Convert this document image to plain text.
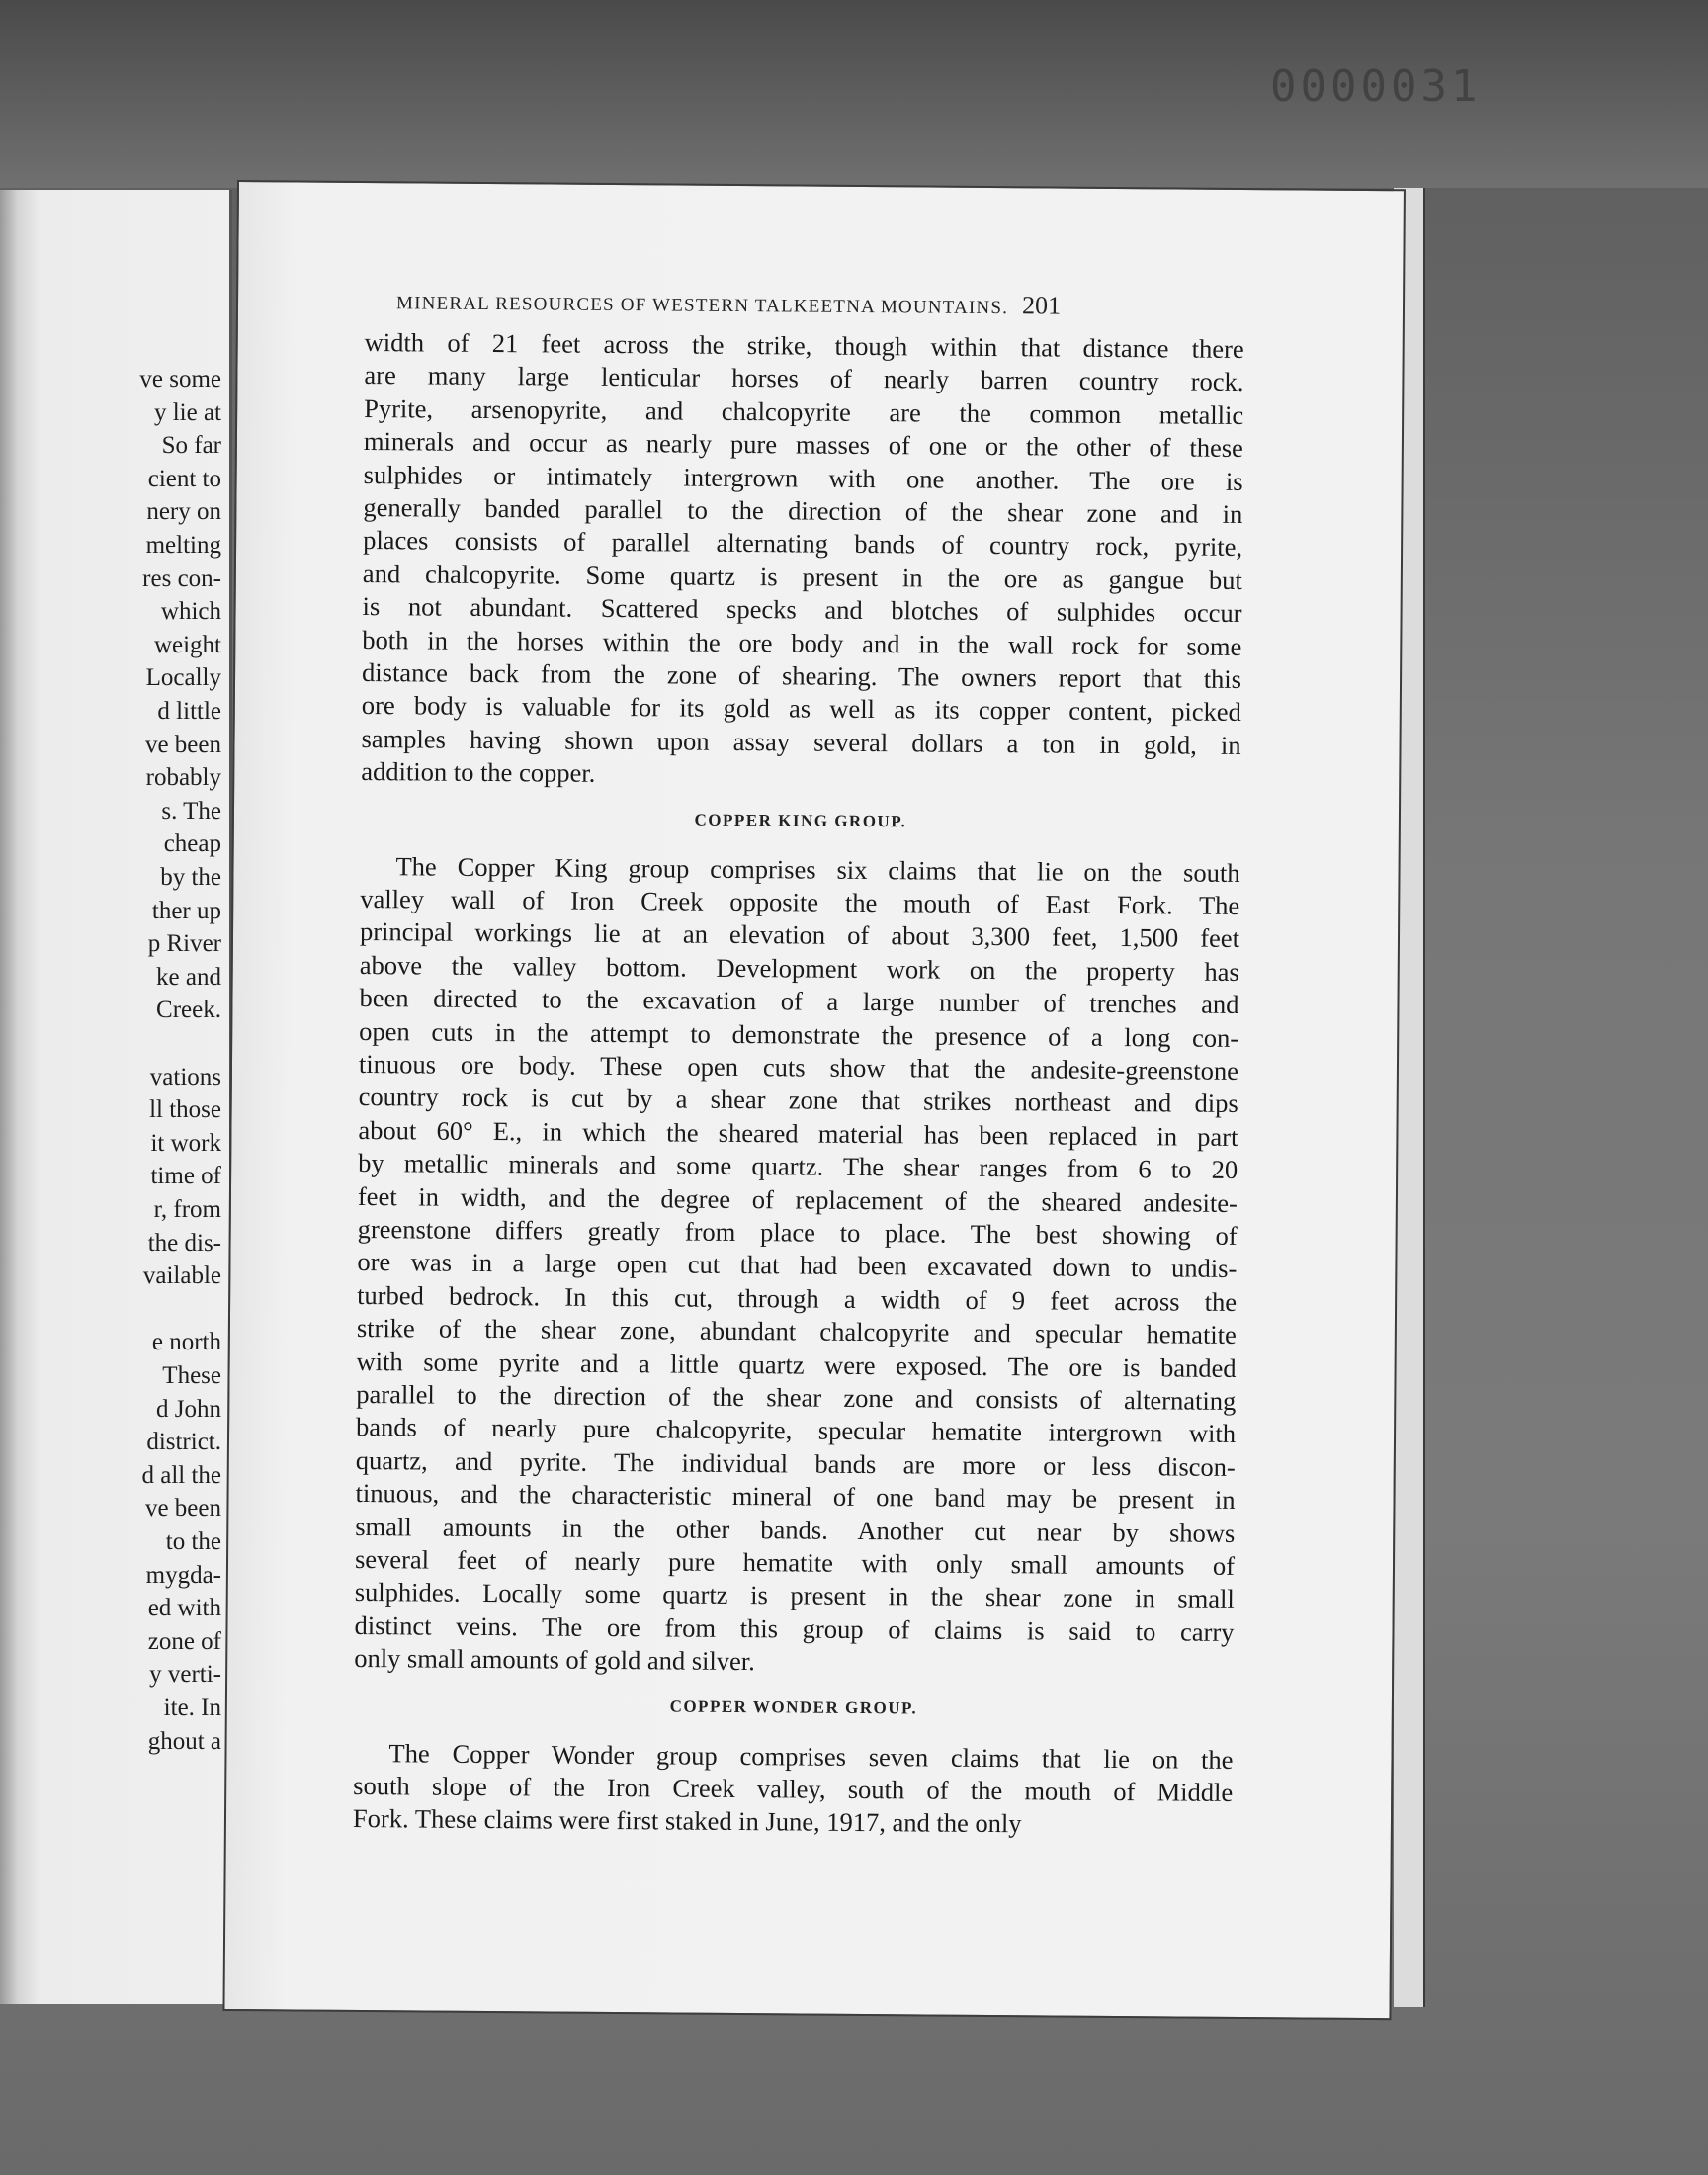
0000031
ve some
y lie at
So far
cient to
nery on
melting
res con-
which
weight
Locally
d little
ve been
robably
s. The
cheap
by the
ther up
p River
ke and
Creek.
vations
ll those
it work
time of
r, from
the dis-
vailable
e north
These
d John
district.
d all the
ve been
to the
mygda-
ed with
zone of
y verti-
ite. In
ghout a
MINERAL RESOURCES OF WESTERN TALKEETNA MOUNTAINS. 201
width of 21 feet across the strike, though within that distance there
are many large lenticular horses of nearly barren country rock.
Pyrite, arsenopyrite, and chalcopyrite are the common metallic
minerals and occur as nearly pure masses of one or the other of these
sulphides or intimately intergrown with one another. The ore is
generally banded parallel to the direction of the shear zone and in
places consists of parallel alternating bands of country rock, pyrite,
and chalcopyrite. Some quartz is present in the ore as gangue but
is not abundant. Scattered specks and blotches of sulphides occur
both in the horses within the ore body and in the wall rock for some
distance back from the zone of shearing. The owners report that this
ore body is valuable for its gold as well as its copper content, picked
samples having shown upon assay several dollars a ton in gold, in
addition to the copper.
COPPER KING GROUP.
The Copper King group comprises six claims that lie on the south
valley wall of Iron Creek opposite the mouth of East Fork. The
principal workings lie at an elevation of about 3,300 feet, 1,500 feet
above the valley bottom. Development work on the property has
been directed to the excavation of a large number of trenches and
open cuts in the attempt to demonstrate the presence of a long con-
tinuous ore body. These open cuts show that the andesite-greenstone
country rock is cut by a shear zone that strikes northeast and dips
about 60° E., in which the sheared material has been replaced in part
by metallic minerals and some quartz. The shear ranges from 6 to 20
feet in width, and the degree of replacement of the sheared andesite-
greenstone differs greatly from place to place. The best showing of
ore was in a large open cut that had been excavated down to undis-
turbed bedrock. In this cut, through a width of 9 feet across the
strike of the shear zone, abundant chalcopyrite and specular hematite
with some pyrite and a little quartz were exposed. The ore is banded
parallel to the direction of the shear zone and consists of alternating
bands of nearly pure chalcopyrite, specular hematite intergrown with
quartz, and pyrite. The individual bands are more or less discon-
tinuous, and the characteristic mineral of one band may be present in
small amounts in the other bands. Another cut near by shows
several feet of nearly pure hematite with only small amounts of
sulphides. Locally some quartz is present in the shear zone in small
distinct veins. The ore from this group of claims is said to carry
only small amounts of gold and silver.
COPPER WONDER GROUP.
The Copper Wonder group comprises seven claims that lie on the
south slope of the Iron Creek valley, south of the mouth of Middle
Fork. These claims were first staked in June, 1917, and the only
